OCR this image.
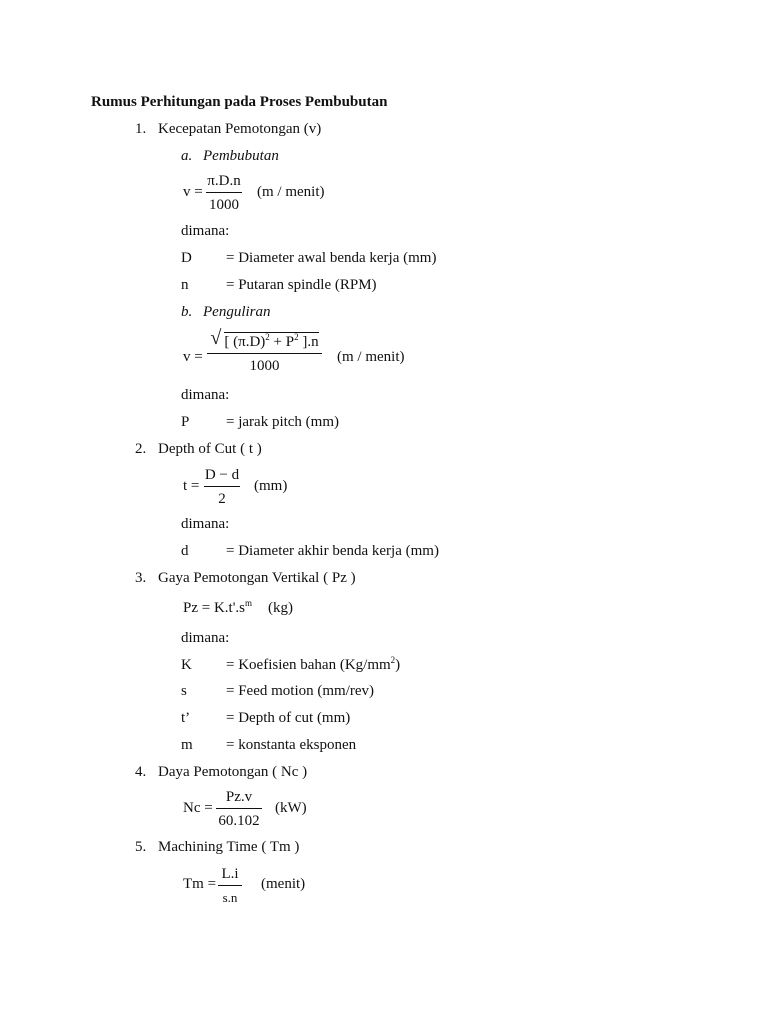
Rumus Perhitungan pada Proses Pembubutan
1. Kecepatan Pemotongan (v)
a. Pembubutan
v =
π.D.n
1000
(m / menit)
dimana:
D = Diameter awal benda kerja (mm)
n	= Putaran spindle (RPM)
b. Penguliran
v =
√ [ $(\pi.D)^2 + P^2$ ].n
1000
(m / menit)
dimana:
P = jarak pitch (mm)
2. Depth of Cut ( t )
t =
D − d
2
(mm)
dimana:
d	= Diameter akhir benda kerja (mm)
3. Gaya Pemotongan Vertikal ( Pz )
$Pz = K.t'.s^m$ (kg)
dimana:
K = Koefisien bahan $(Kg/mm^2)$
s	= Feed motion (mm/rev)
t’ = Depth of cut (mm)
m = konstanta eksponen
4. Daya Pemotongan ( Nc )
Nc =
Pz.v
60.102
(kW)
5. Machining Time ( Tm )
Tm =
L.i
s.n
(menit)
